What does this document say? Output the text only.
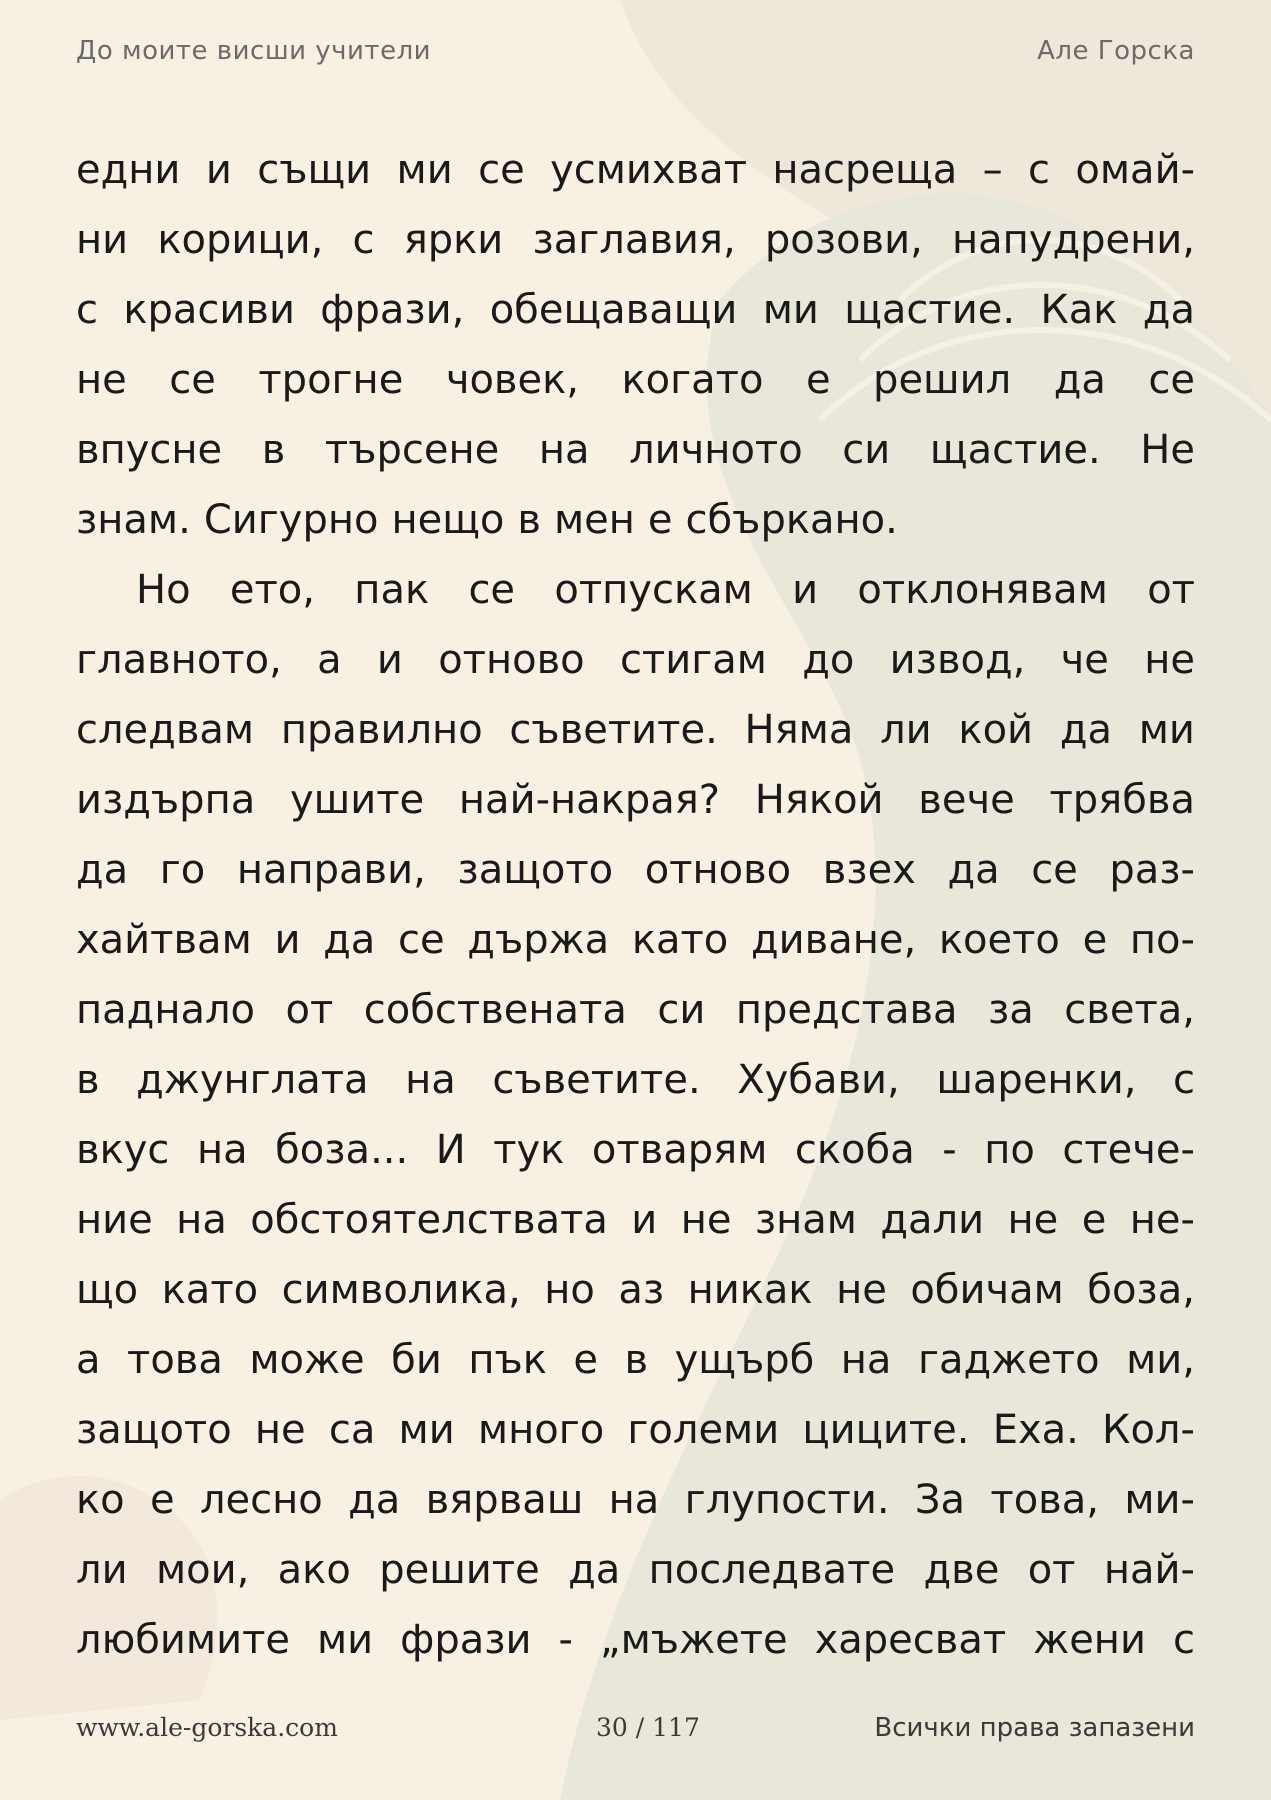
До моите висши учители	Але Горска
едни и същи ми се усмихват насреща – с омай-
ни корици, с ярки заглавия, розови, напудрени,
с красиви фрази, обещаващи ми щастие. Как да
не се трогне човек, когато е решил да се
впусне в търсене на личното си щастие. Не
знам. Сигурно нещо в мен е сбъркано.
Но ето, пак се отпускам и отклонявам от
главното, а и отново стигам до извод, че не
следвам правилно съветите. Няма ли кой да ми
издърпа ушите най-накрая? Някой вече трябва
да го направи, защото отново взех да се раз-
хайтвам и да се държа като диване, което е по-
паднало от собствената си представа за света,
в джунглата на съветите. Хубави, шаренки, с
вкус на боза... И тук отварям скоба - по стече-
ние на обстоятелствата и не знам дали не е не-
що като символика, но аз никак не обичам боза,
а това може би пък е в ущърб на гаджето ми,
защото не са ми много големи циците. Еха. Кол-
ко е лесно да вярваш на глупости. За това, ми-
ли мои, ако решите да последвате две от най-
любимите ми фрази - „мъжете харесват жени с
www.ale-gorska.com	30 / 117	Всички права запазени
